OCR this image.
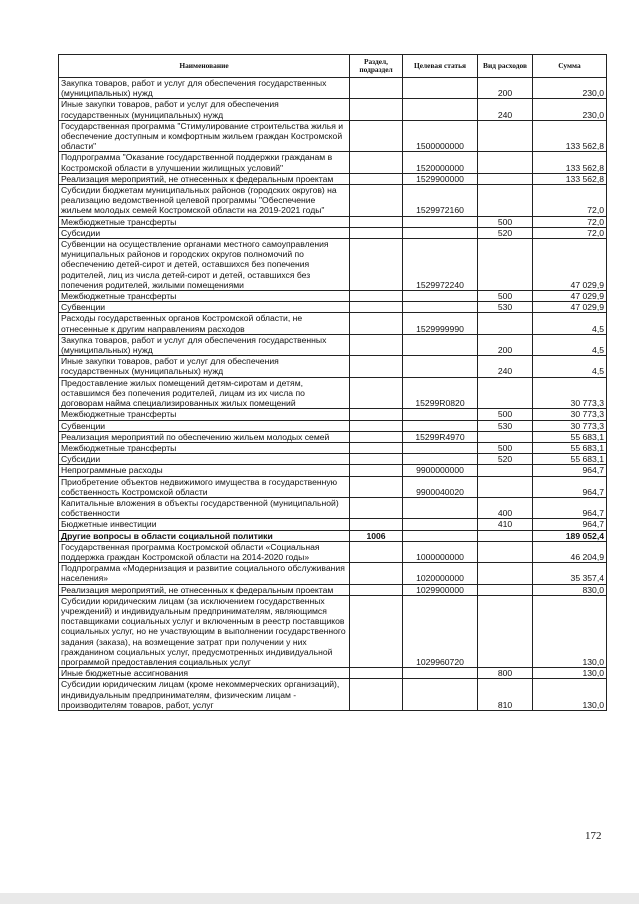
Наименование	Раздел, подраздел	Целевая статья	Вид расходов	Сумма
Закупка товаров, работ и услуг для обеспечения государственных (муниципальных) нужд			200	230,0
Иные закупки товаров, работ и услуг для обеспечения государственных (муниципальных) нужд			240	230,0
Государственная программа "Стимулирование строительства жилья и обеспечение доступным и комфортным жильем граждан Костромской области"		1500000000		133 562,8
Подпрограмма "Оказание государственной поддержки гражданам в Костромской области в улучшении жилищных условий"		1520000000		133 562,8
Реализация мероприятий, не отнесенных к федеральным проектам		1529900000		133 562,8
Субсидии бюджетам муниципальных районов (городских округов) на реализацию ведомственной целевой программы "Обеспечение жильем молодых семей Костромской области на 2019-2021 годы"		1529972160		72,0
Межбюджетные трансферты			500	72,0
Субсидии			520	72,0
Субвенции на осуществление органами местного самоуправления муниципальных районов и городских округов полномочий по обеспечению детей-сирот и детей, оставшихся без попечения родителей, лиц из числа детей-сирот и детей, оставшихся без попечения родителей, жилыми помещениями		1529972240		47 029,9
Межбюджетные трансферты			500	47 029,9
Субвенции			530	47 029,9
Расходы государственных органов Костромской области, не отнесенные к другим направлениям расходов		1529999990		4,5
Закупка товаров, работ и услуг для обеспечения государственных (муниципальных) нужд			200	4,5
Иные закупки товаров, работ и услуг для обеспечения государственных (муниципальных) нужд			240	4,5
Предоставление жилых помещений детям-сиротам и детям, оставшимся без попечения родителей, лицам из их числа по договорам найма специализированных жилых помещений		15299R0820		30 773,3
Межбюджетные трансферты			500	30 773,3
Субвенции			530	30 773,3
Реализация мероприятий по обеспечению жильем молодых семей		15299R4970		55 683,1
Межбюджетные трансферты			500	55 683,1
Субсидии			520	55 683,1
Непрограммные расходы		9900000000		964,7
Приобретение объектов недвижимого имущества в государственную собственность Костромской области		9900040020		964,7
Капитальные вложения в объекты государственной (муниципальной) собственности			400	964,7
Бюджетные инвестиции			410	964,7
Другие вопросы в области социальной политики	1006			189 052,4
Государственная программа Костромской области «Социальная поддержка граждан Костромской области на 2014-2020 годы»		1000000000		46 204,9
Подпрограмма «Модернизация и развитие социального обслуживания населения»		1020000000		35 357,4
Реализация мероприятий, не отнесенных к федеральным проектам		1029900000		830,0
Субсидии юридическим лицам (за исключением государственных учреждений) и индивидуальным предпринимателям, являющимся поставщиками социальных услуг и включенным в реестр поставщиков социальных услуг, но не участвующим в выполнении государственного задания (заказа), на возмещение затрат при получении у них гражданином социальных услуг, предусмотренных индивидуальной программой предоставления социальных услуг		1029960720		130,0
Иные бюджетные ассигнования			800	130,0
Субсидии юридическим лицам (кроме некоммерческих организаций), индивидуальным предпринимателям, физическим лицам - производителям товаров, работ, услуг			810	130,0
172
